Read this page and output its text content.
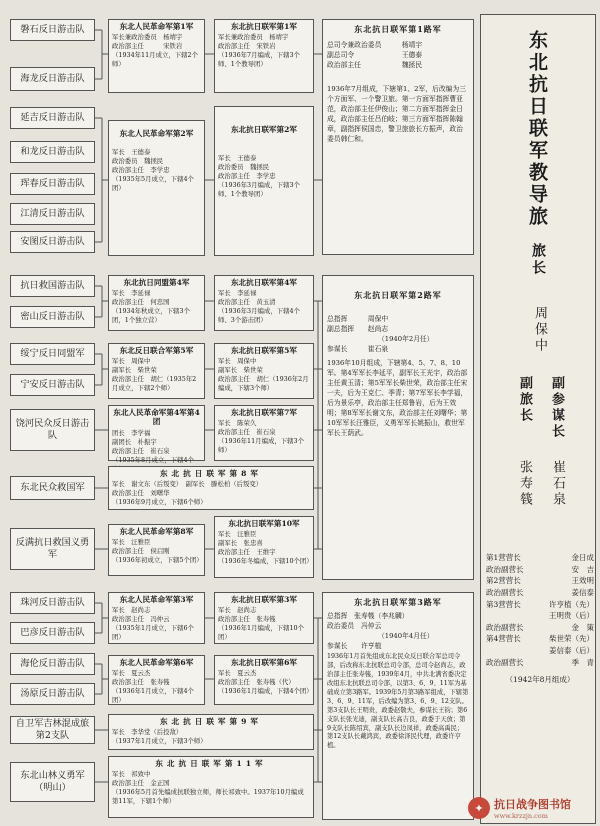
磐石反日游击队
海龙反日游击队
延吉反日游击队
和龙反日游击队
珲春反日游击队
江清反日游击队
安图反日游击队
抗日救国游击队
密山反日游击队
绥宁反日同盟军
宁安反日游击队
饶河民众反日游击队
东北民众救国军
反满抗日救国义勇军
珠河反日游击队
巴彦反日游击队
海伦反日游击队
汤原反日游击队
自卫军吉林混成旅第2支队
东北山林义勇军（明山）
东北人民革命军第1军
军长兼政治委员　杨靖宇
政治部主任　　　宋铁岩
（1934年11月成立，下辖2个师）
东北人民革命军第2军
军长　王德泰
政治委员　魏拯民
政治部主任　李学忠
（1935年5月成立，下辖4个团）
东北抗日同盟第4军
军长　李延禄
政治部主任　何忠国
（1934年秋成立，下辖3个团，1个独立营）
东北反日联合军第5军
军长　周保中
副军长　柴世荣
政治部主任　胡仁（1935年2月成立，下辖2个师）
东北人民革命军第4军第4团
团长　李学福
副团长　朴振宇
政治部主任　崔石泉
（1935年8月成立，下辖4个
东北抗日联军第8军
军长　谢文东（后叛变）　副军长　滕松柏（后叛变）
政治部主任　刘曙华
（1936年9月成立，下辖6个师）
东北人民革命军第8军
军长　汪雅臣
政治部主任　侯启刚
（1936年初成立，下辖5个团）
东北人民革命军第3军
军长　赵尚志
政治部主任　冯仲云
（1935年1月成立，下辖6个团）
东北人民革命军第6军
军长　夏云杰
政治部主任　张寿篯
（1936年1月成立，下辖4个团）
东北抗日联军第9军
军长　李华堂（后投敌）
（1937年1月成立，下辖3个师）
东北抗日联军第11军
军长　祁致中
政治部主任　金正国
（1936年5月首先编成抗联独立师，师长祁致中。1937年10月编成第11军，下辖1个师）
东北抗日联军第1军
军长兼政治委员　杨靖宇
政治部主任　宋铁岩
（1936年7月编成，下辖3个师、1个教导团）
东北抗日联军第2军
军长　王德泰
政治委员　魏拯民
政治部主任　李学忠
（1936年3月编成，下辖3个师、1个教导团）
东北抗日联军第4军
军长　李延禄
政治部主任　黄玉清
（1936年3月编成，下辖4个师、3个游击团）
东北抗日联军第5军
军长　周保中
副军长　柴世荣
政治部主任　胡仁（1936年2月编成，下辖3个师）
东北抗日联军第7军
军长　陈荣久
政治部主任　崔石泉
（1936年11月编成，下辖3个师）
东北抗日联军第10军
军长　汪雅臣
副军长　张忠喜
政治部主任　王维宇
（1936年冬编成，下辖10个团）
东北抗日联军第3军
军长　赵尚志
政治部主任　张寿篯
（1936年1月编成，下辖10个团）
东北抗日联军第6军
军长　夏云杰
政治部主任　张寿篯（代）
（1936年1月编成，下辖4个团）
东北抗日联军第1路军
总司令兼政治委员　　　杨靖宇
副总司令　　　　　　　王德泰
政治部主任　　　　　　魏拯民
1936年7月组成，下辖第1、2军，后改编为三个方面军、一个警卫旅。第一方面军指挥曹亚范，政治部主任伊俊山；第二方面军指挥金日成，政治部主任吕伯岐；第三方面军指挥陈翰章，副指挥侯国忠，警卫旅旅长方振声，政治委员韩仁和。
东北抗日联军第2路军
总指挥　　　周保中
副总指挥　　赵尚志
　　　　　　　　（1940年2月任）
参谋长　　　崔石泉
1936年10月组成，下辖第4、5、7、8、10军。第4军军长李延平，副军长王光宇，政治部主任黄玉清；第5军军长柴世荣，政治部主任宋一夫，后为王克仁、季青；第7军军长李学福，后为景乐亭，政治部主任郑鲁岩，后为王效明；第8军军长谢文东，政治部主任刘曙华；第10军军长汪雅臣，义勇军军长姚振山，救世军军长王荫武。
东北抗日联军第3路军
总指挥　张寿篯（李兆麟）
政治委员　冯仲云
　　　　　　　　（1940年4月任）
参谋长　　许亨植
1936年1月首先组成东北民众反日联合军总司令部，后改称东北抗联总司令部，总司令赵尚志，政治部主任张寿篯，1939年4月，中共北满省委决定改组东北抗联总司令部，以第3、6、9、11军为基础成立第3路军。1939年5月第3路军组成，下辖第3、6、9、11军，后改编为第3、6、9、12支队。第3支队长王明贵，政委赵敬夫，参谋长王钧；第6支队长张光迪，副支队长高吉良，政委于天放；第9支队长陈绍宾，副支队长边凤祥，政委高禹民；第12支队长戴鸿宾，政委徐泽民代理，政委许亨植。
东北抗日联军教导旅
旅长
周保中
副旅长 副参谋长
张寿篯 崔石泉
第1营营长	金日成
政治副营长	安　吉
第2营营长	王效明
政治副营长	姜信泰
第3营营长	许亨植（先）
王明贵（后）
政治副营长	金　策
第4营营长	柴世荣（先）
姜信泰（后）
政治副营长	季　青
（1942年8月组成）
✦ 抗日战争图书馆
www.krzzjn.com
